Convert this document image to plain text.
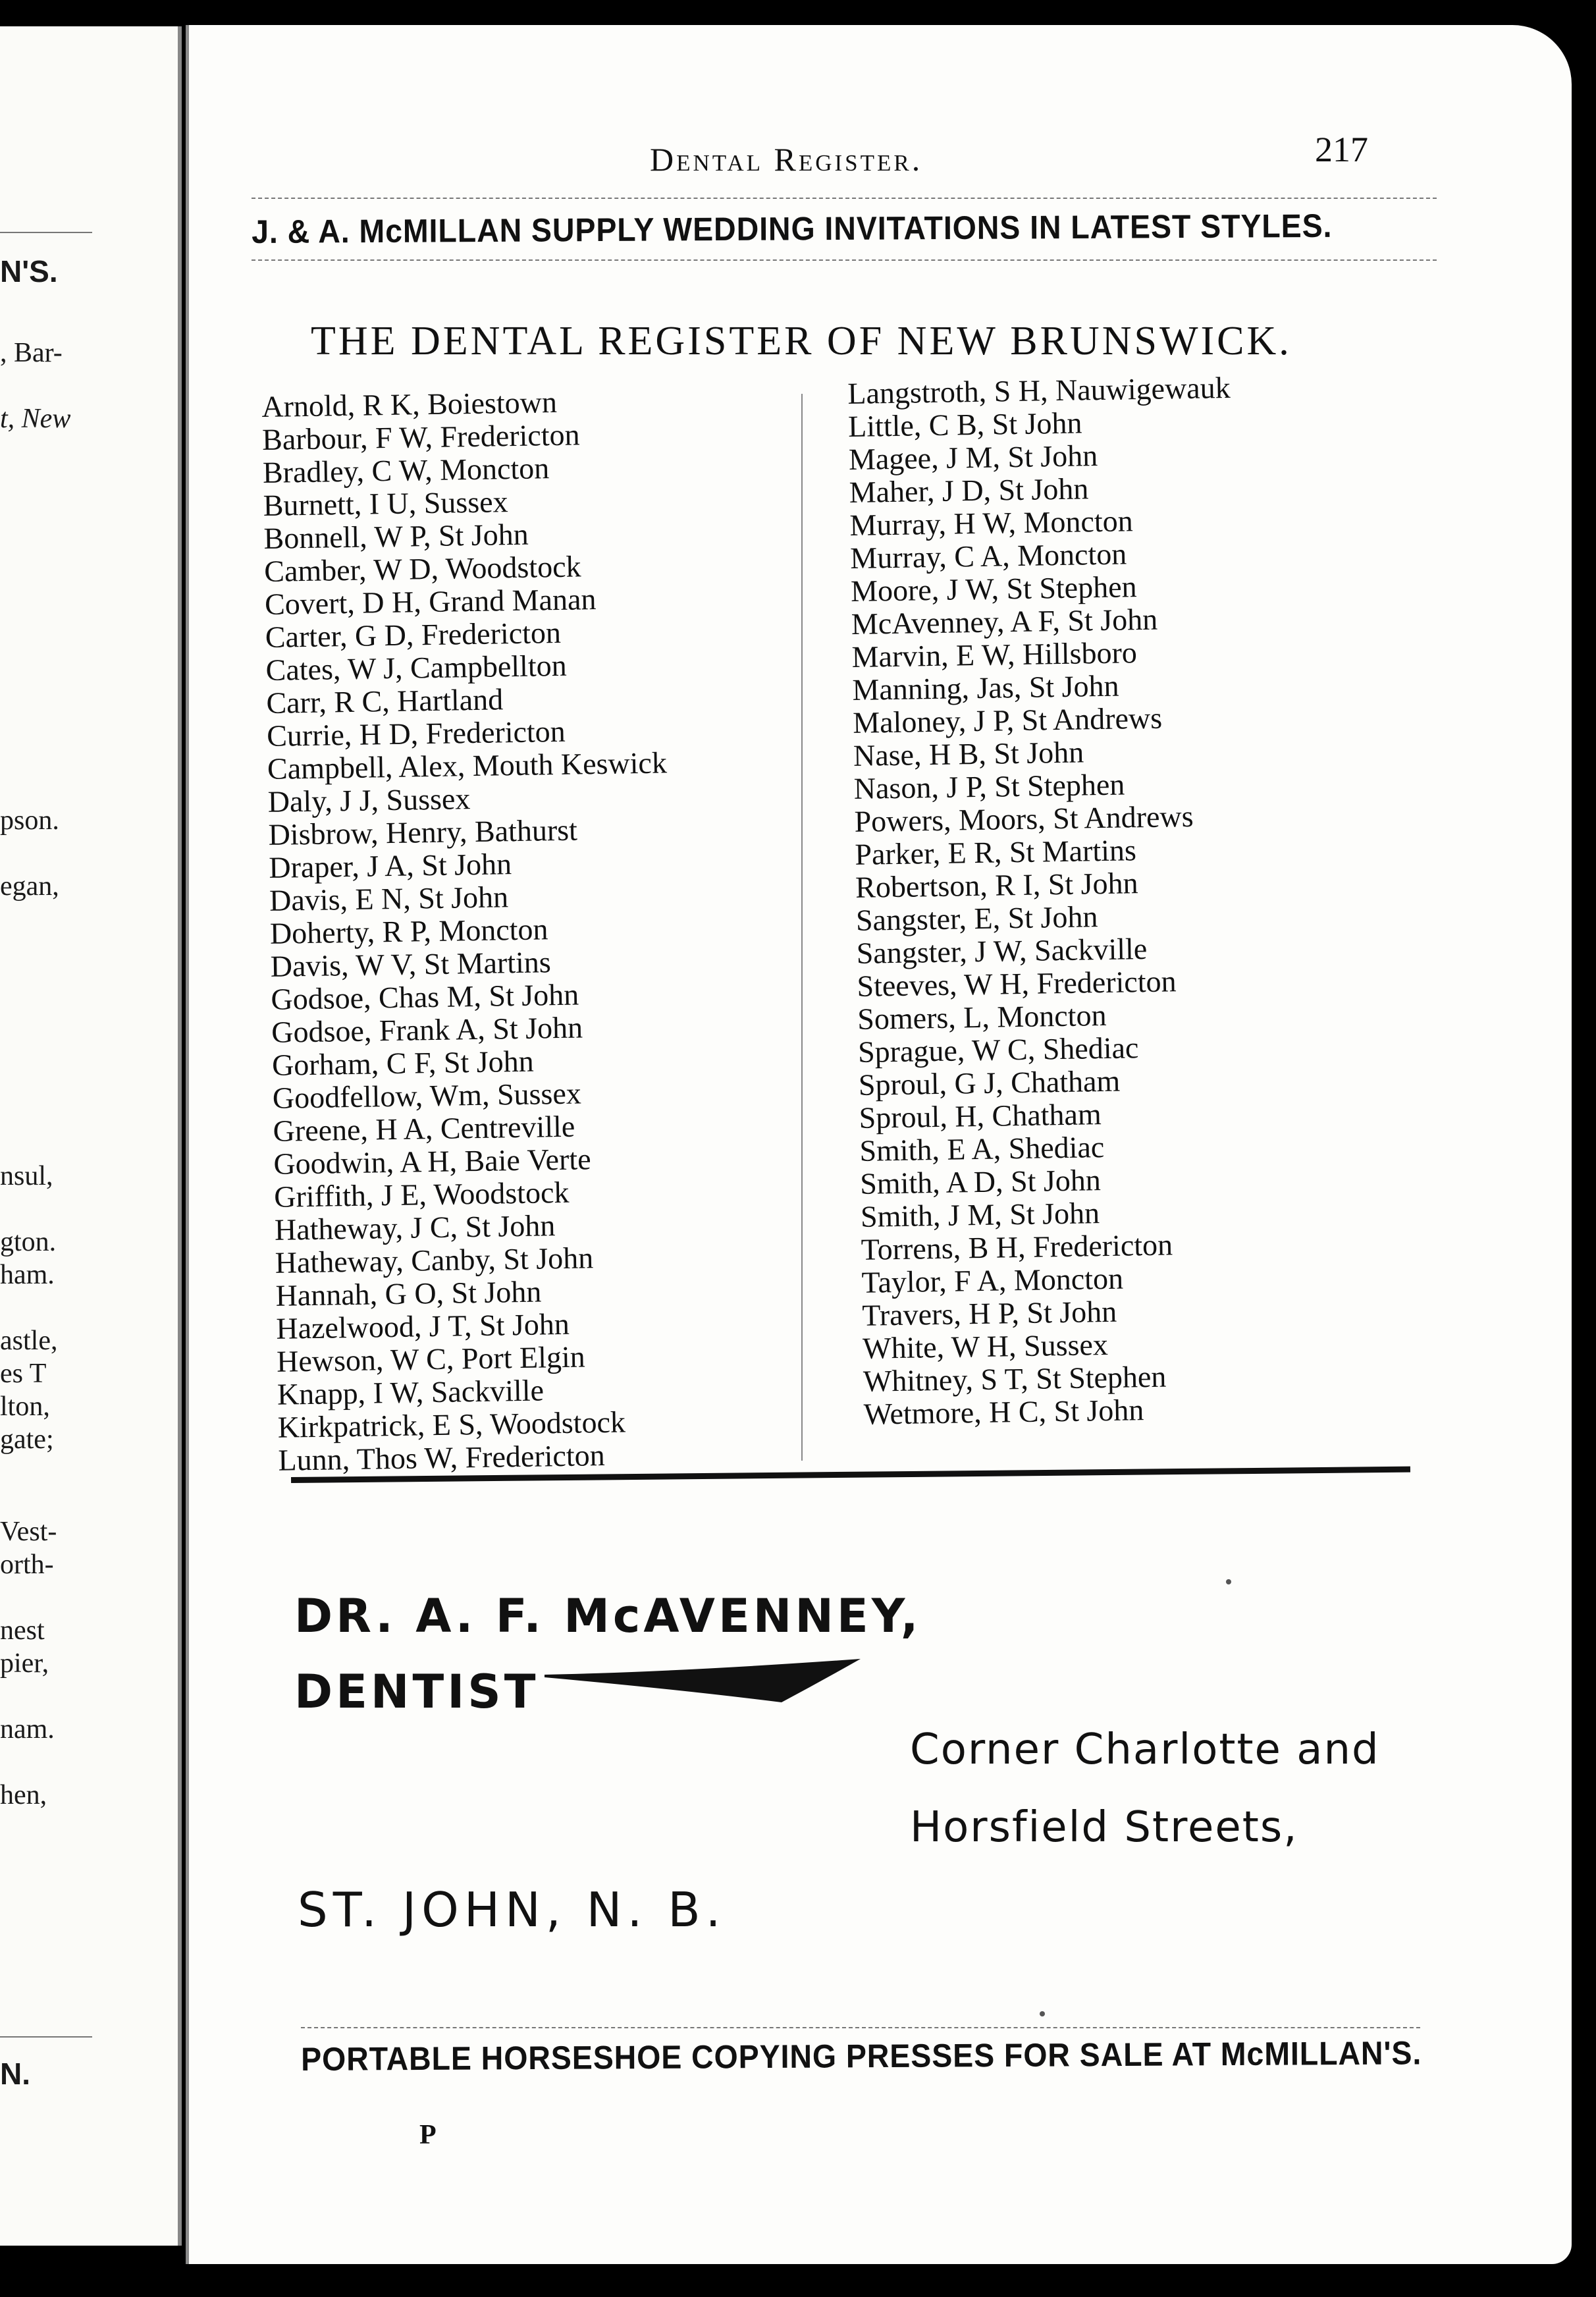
N'S.
, Bar-
t, New
pson.
egan,
nsul,
gton.
ham.
astle,
es T
lton,
gate;
Vest-
orth-
nest
pier,
nam.
hen,
N.
Dental Register.	217
J. & A. McMILLAN SUPPLY WEDDING INVITATIONS IN LATEST STYLES.
THE DENTAL REGISTER OF NEW BRUNSWICK.
Arnold, R K, Boiestown
Barbour, F W, Fredericton
Bradley, C W, Moncton
Burnett, I U, Sussex
Bonnell, W P, St John
Camber, W D, Woodstock
Covert, D H, Grand Manan
Carter, G D, Fredericton
Cates, W J, Campbellton
Carr, R C, Hartland
Currie, H D, Fredericton
Campbell, Alex, Mouth Keswick
Daly, J J, Sussex
Disbrow, Henry, Bathurst
Draper, J A, St John
Davis, E N, St John
Doherty, R P, Moncton
Davis, W V, St Martins
Godsoe, Chas M, St John
Godsoe, Frank A, St John
Gorham, C F, St John
Goodfellow, Wm, Sussex
Greene, H A, Centreville
Goodwin, A H, Baie Verte
Griffith, J E, Woodstock
Hatheway, J C, St John
Hatheway, Canby, St John
Hannah, G O, St John
Hazelwood, J T, St John
Hewson, W C, Port Elgin
Knapp, I W, Sackville
Kirkpatrick, E S, Woodstock
Lunn, Thos W, Fredericton
Langstroth, S H, Nauwigewauk
Little, C B, St John
Magee, J M, St John
Maher, J D, St John
Murray, H W, Moncton
Murray, C A, Moncton
Moore, J W, St Stephen
McAvenney, A F, St John
Marvin, E W, Hillsboro
Manning, Jas, St John
Maloney, J P, St Andrews
Nase, H B, St John
Nason, J P, St Stephen
Powers, Moors, St Andrews
Parker, E R, St Martins
Robertson, R I, St John
Sangster, E, St John
Sangster, J W, Sackville
Steeves, W H, Fredericton
Somers, L, Moncton
Sprague, W C, Shediac
Sproul, G J, Chatham
Sproul, H, Chatham
Smith, E A, Shediac
Smith, A D, St John
Smith, J M, St John
Torrens, B H, Fredericton
Taylor, F A, Moncton
Travers, H P, St John
White, W H, Sussex
Whitney, S T, St Stephen
Wetmore, H C, St John
DR. A. F. McAVENNEY,
DENTIST
Corner Charlotte and
Horsfield Streets,
ST. JOHN, N. B.
PORTABLE HORSESHOE COPYING PRESSES FOR SALE AT McMILLAN'S.
P
